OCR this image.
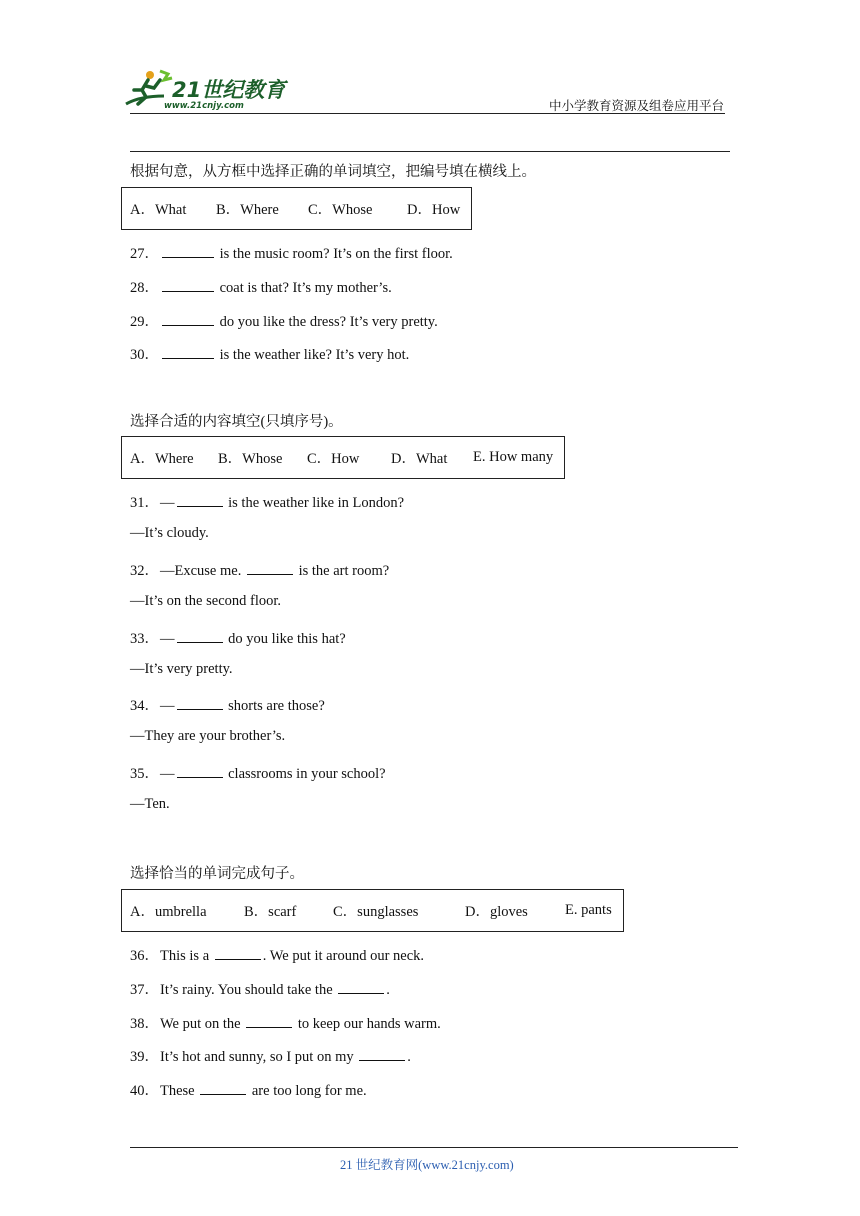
21世纪教育
www.21cnjy.com	中小学教育资源及组卷应用平台
根据句意，从方框中选择正确的单词填空，把编号填在横线上。
A．What	B．Where	C．Whose	D．How
27．	is the music room? It’s on the first floor.
28．	coat is that? It’s my mother’s.
29．	do you like the dress? It’s very pretty.
30．	is the weather like? It’s very hot.
选择合适的内容填空(只填序号)。
A．Where	B．Whose	C．How	D．What	E. How many
31．—	is the weather like in London?
—It’s cloudy.
32．—Excuse me.	is the art room?
—It’s on the second floor.
33．—	do you like this hat?
—It’s very pretty.
34．—	shorts are those?
—They are your brother’s.
35．—	classrooms in your school?
—Ten.
选择恰当的单词完成句子。
A．umbrella	B．scarf	C．sunglasses	D．gloves	E. pants
36．This is a	. We put it around our neck.
37．It’s rainy. You should take the	.
38．We put on the	to keep our hands warm.
39．It’s hot and sunny, so I put on my	.
40．These	are too long for me.
21 世纪教育网(www.21cnjy.com)
